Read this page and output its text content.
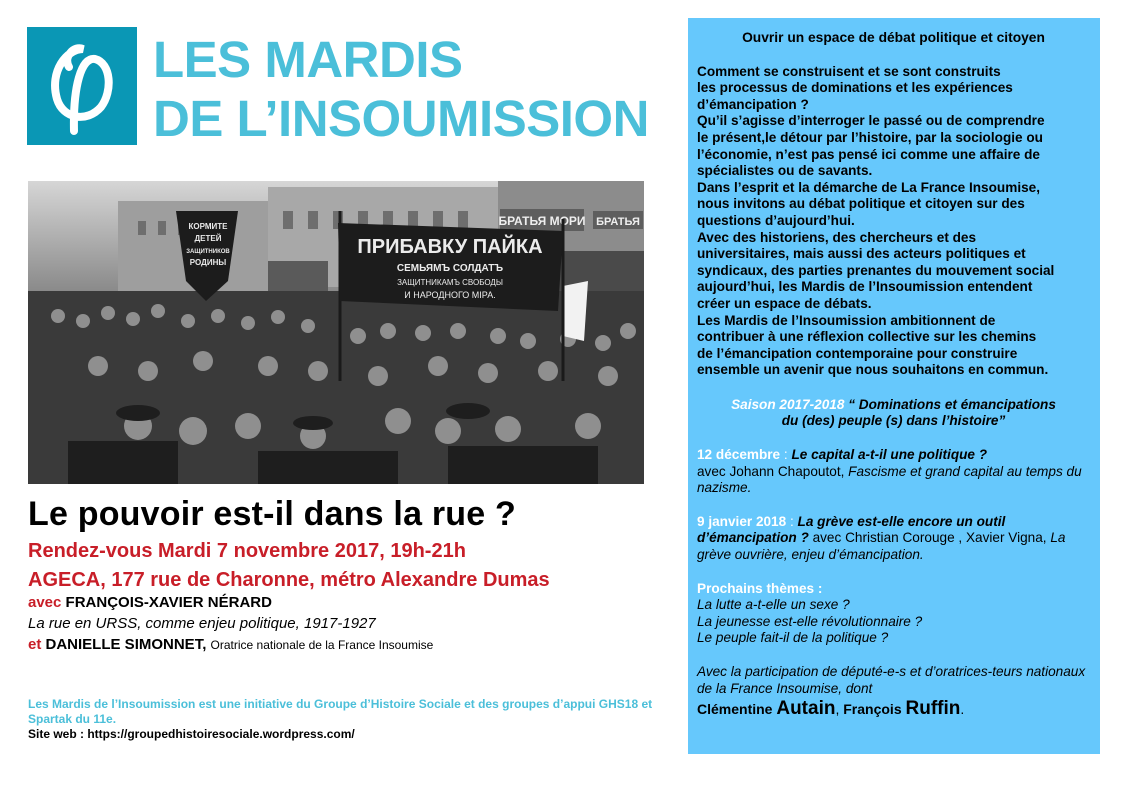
LES MARDIS
DE L’INSOUMISSION
БРАТЬЯ МОРИ БРАТЬЯ
КОРМИТЕ
ДЕТЕЙ
ЗАЩИТНИКОВ
РОДИНЫ
ПРИБАВКУ ПАЙКА
СЕМЬЯМЪ СОЛДАТЪ
ЗАЩИТНИКАМЪ СВОБОДЫ
И НАРОДНОГО МІРА.
Le pouvoir est-il dans la rue ?
Rendez-vous Mardi 7 novembre 2017, 19h-21h
AGECA, 177 rue de Charonne, métro Alexandre Dumas
avec FRANÇOIS-XAVIER NÉRARD
La rue en URSS, comme enjeu politique, 1917-1927
et DANIELLE SIMONNET, Oratrice nationale de la France Insoumise
Les Mardis de l’Insoumission est une initiative du Groupe d’Histoire Sociale et des groupes d’appui GHS18 et Spartak du 11e.
Site web : https://groupedhistoiresociale.wordpress.com/
Ouvrir un espace de débat politique et citoyen
Comment se construisent et se sont construits
les processus de dominations et les expériences
d’émancipation ?
Qu’il s’agisse d’interroger le passé ou de comprendre
le présent,le détour par l’histoire, par la sociologie ou
l’économie, n’est pas pensé ici comme une affaire de
spécialistes ou de savants.
Dans l’esprit et la démarche de La France Insoumise,
nous invitons au débat politique et citoyen sur des
questions d’aujourd’hui.
Avec des historiens, des chercheurs et des
universitaires, mais aussi des acteurs politiques et
syndicaux, des parties prenantes du mouvement social
aujourd’hui, les Mardis de l’Insoumission entendent
créer un espace de débats.
Les Mardis de l’Insoumission ambitionnent de
contribuer à une réflexion collective sur les chemins
de l’émancipation contemporaine pour construire
ensemble un avenir que nous souhaitons en commun.
Saison 2017-2018 “ Dominations et émancipations
du (des) peuple (s) dans l’histoire”
12 décembre : Le capital a-t-il une politique ?
avec Johann Chapoutot, Fascisme et grand capital au temps du nazisme.
9 janvier 2018 : La grève est-elle encore un outil d’émancipation ? avec Christian Corouge , Xavier Vigna, La grève ouvrière, enjeu d’émancipation.
Prochains thèmes :
La lutte a-t-elle un sexe ?
La jeunesse est-elle révolutionnaire ?
Le peuple fait-il de la politique ?
Avec la participation de député-e-s et d’oratrices-teurs nationaux de la France Insoumise, dont
Clémentine Autain, François Ruffin.
